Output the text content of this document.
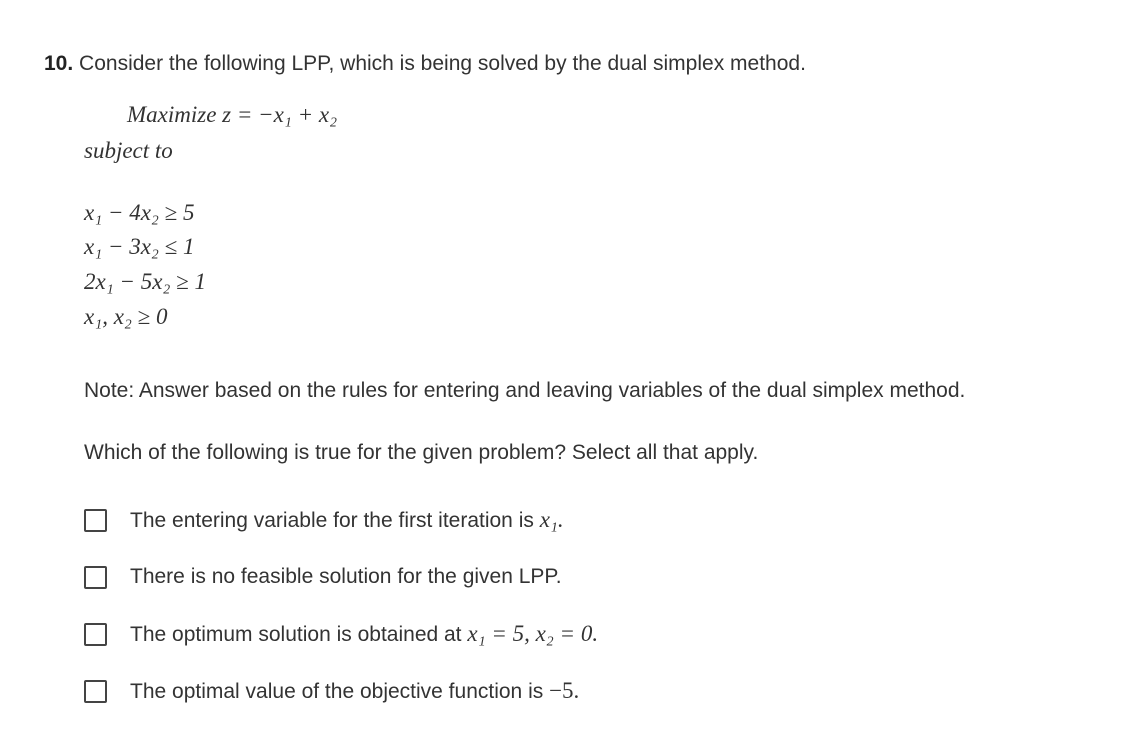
10. Consider the following LPP, which is being solved by the dual simplex method.
Maximize z = −x₁ + x₂
subject to
x₁ − 4x₂ ≥ 5
x₁ − 3x₂ ≤ 1
2x₁ − 5x₂ ≥ 1
x₁, x₂ ≥ 0
Note: Answer based on the rules for entering and leaving variables of the dual simplex method.
Which of the following is true for the given problem? Select all that apply.
The entering variable for the first iteration is x₁.
There is no feasible solution for the given LPP.
The optimum solution is obtained at x₁ = 5, x₂ = 0.
The optimal value of the objective function is −5.
